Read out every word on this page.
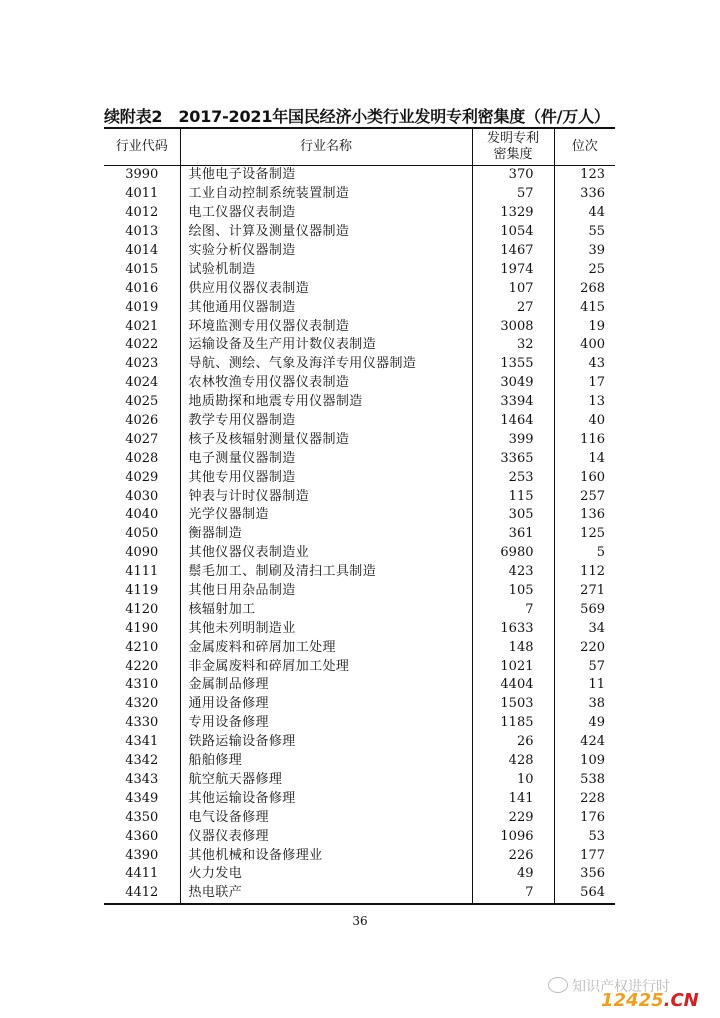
续附表2 2017-2021年国民经济小类行业发明专利密集度（件/万人）
行业代码	行业名称	发明专利密集度	位次
3990	其他电子设备制造	370	123
4011	工业自动控制系统装置制造	57	336
4012	电工仪器仪表制造	1329	44
4013	绘图、计算及测量仪器制造	1054	55
4014	实验分析仪器制造	1467	39
4015	试验机制造	1974	25
4016	供应用仪器仪表制造	107	268
4019	其他通用仪器制造	27	415
4021	环境监测专用仪器仪表制造	3008	19
4022	运输设备及生产用计数仪表制造	32	400
4023	导航、测绘、气象及海洋专用仪器制造	1355	43
4024	农林牧渔专用仪器仪表制造	3049	17
4025	地质勘探和地震专用仪器制造	3394	13
4026	教学专用仪器制造	1464	40
4027	核子及核辐射测量仪器制造	399	116
4028	电子测量仪器制造	3365	14
4029	其他专用仪器制造	253	160
4030	钟表与计时仪器制造	115	257
4040	光学仪器制造	305	136
4050	衡器制造	361	125
4090	其他仪器仪表制造业	6980	5
4111	鬃毛加工、制刷及清扫工具制造	423	112
4119	其他日用杂品制造	105	271
4120	核辐射加工	7	569
4190	其他未列明制造业	1633	34
4210	金属废料和碎屑加工处理	148	220
4220	非金属废料和碎屑加工处理	1021	57
4310	金属制品修理	4404	11
4320	通用设备修理	1503	38
4330	专用设备修理	1185	49
4341	铁路运输设备修理	26	424
4342	船舶修理	428	109
4343	航空航天器修理	10	538
4349	其他运输设备修理	141	228
4350	电气设备修理	229	176
4360	仪器仪表修理	1096	53
4390	其他机械和设备修理业	226	177
4411	火力发电	49	356
4412	热电联产	7	564
36
知识产权进行时
12425.CN
